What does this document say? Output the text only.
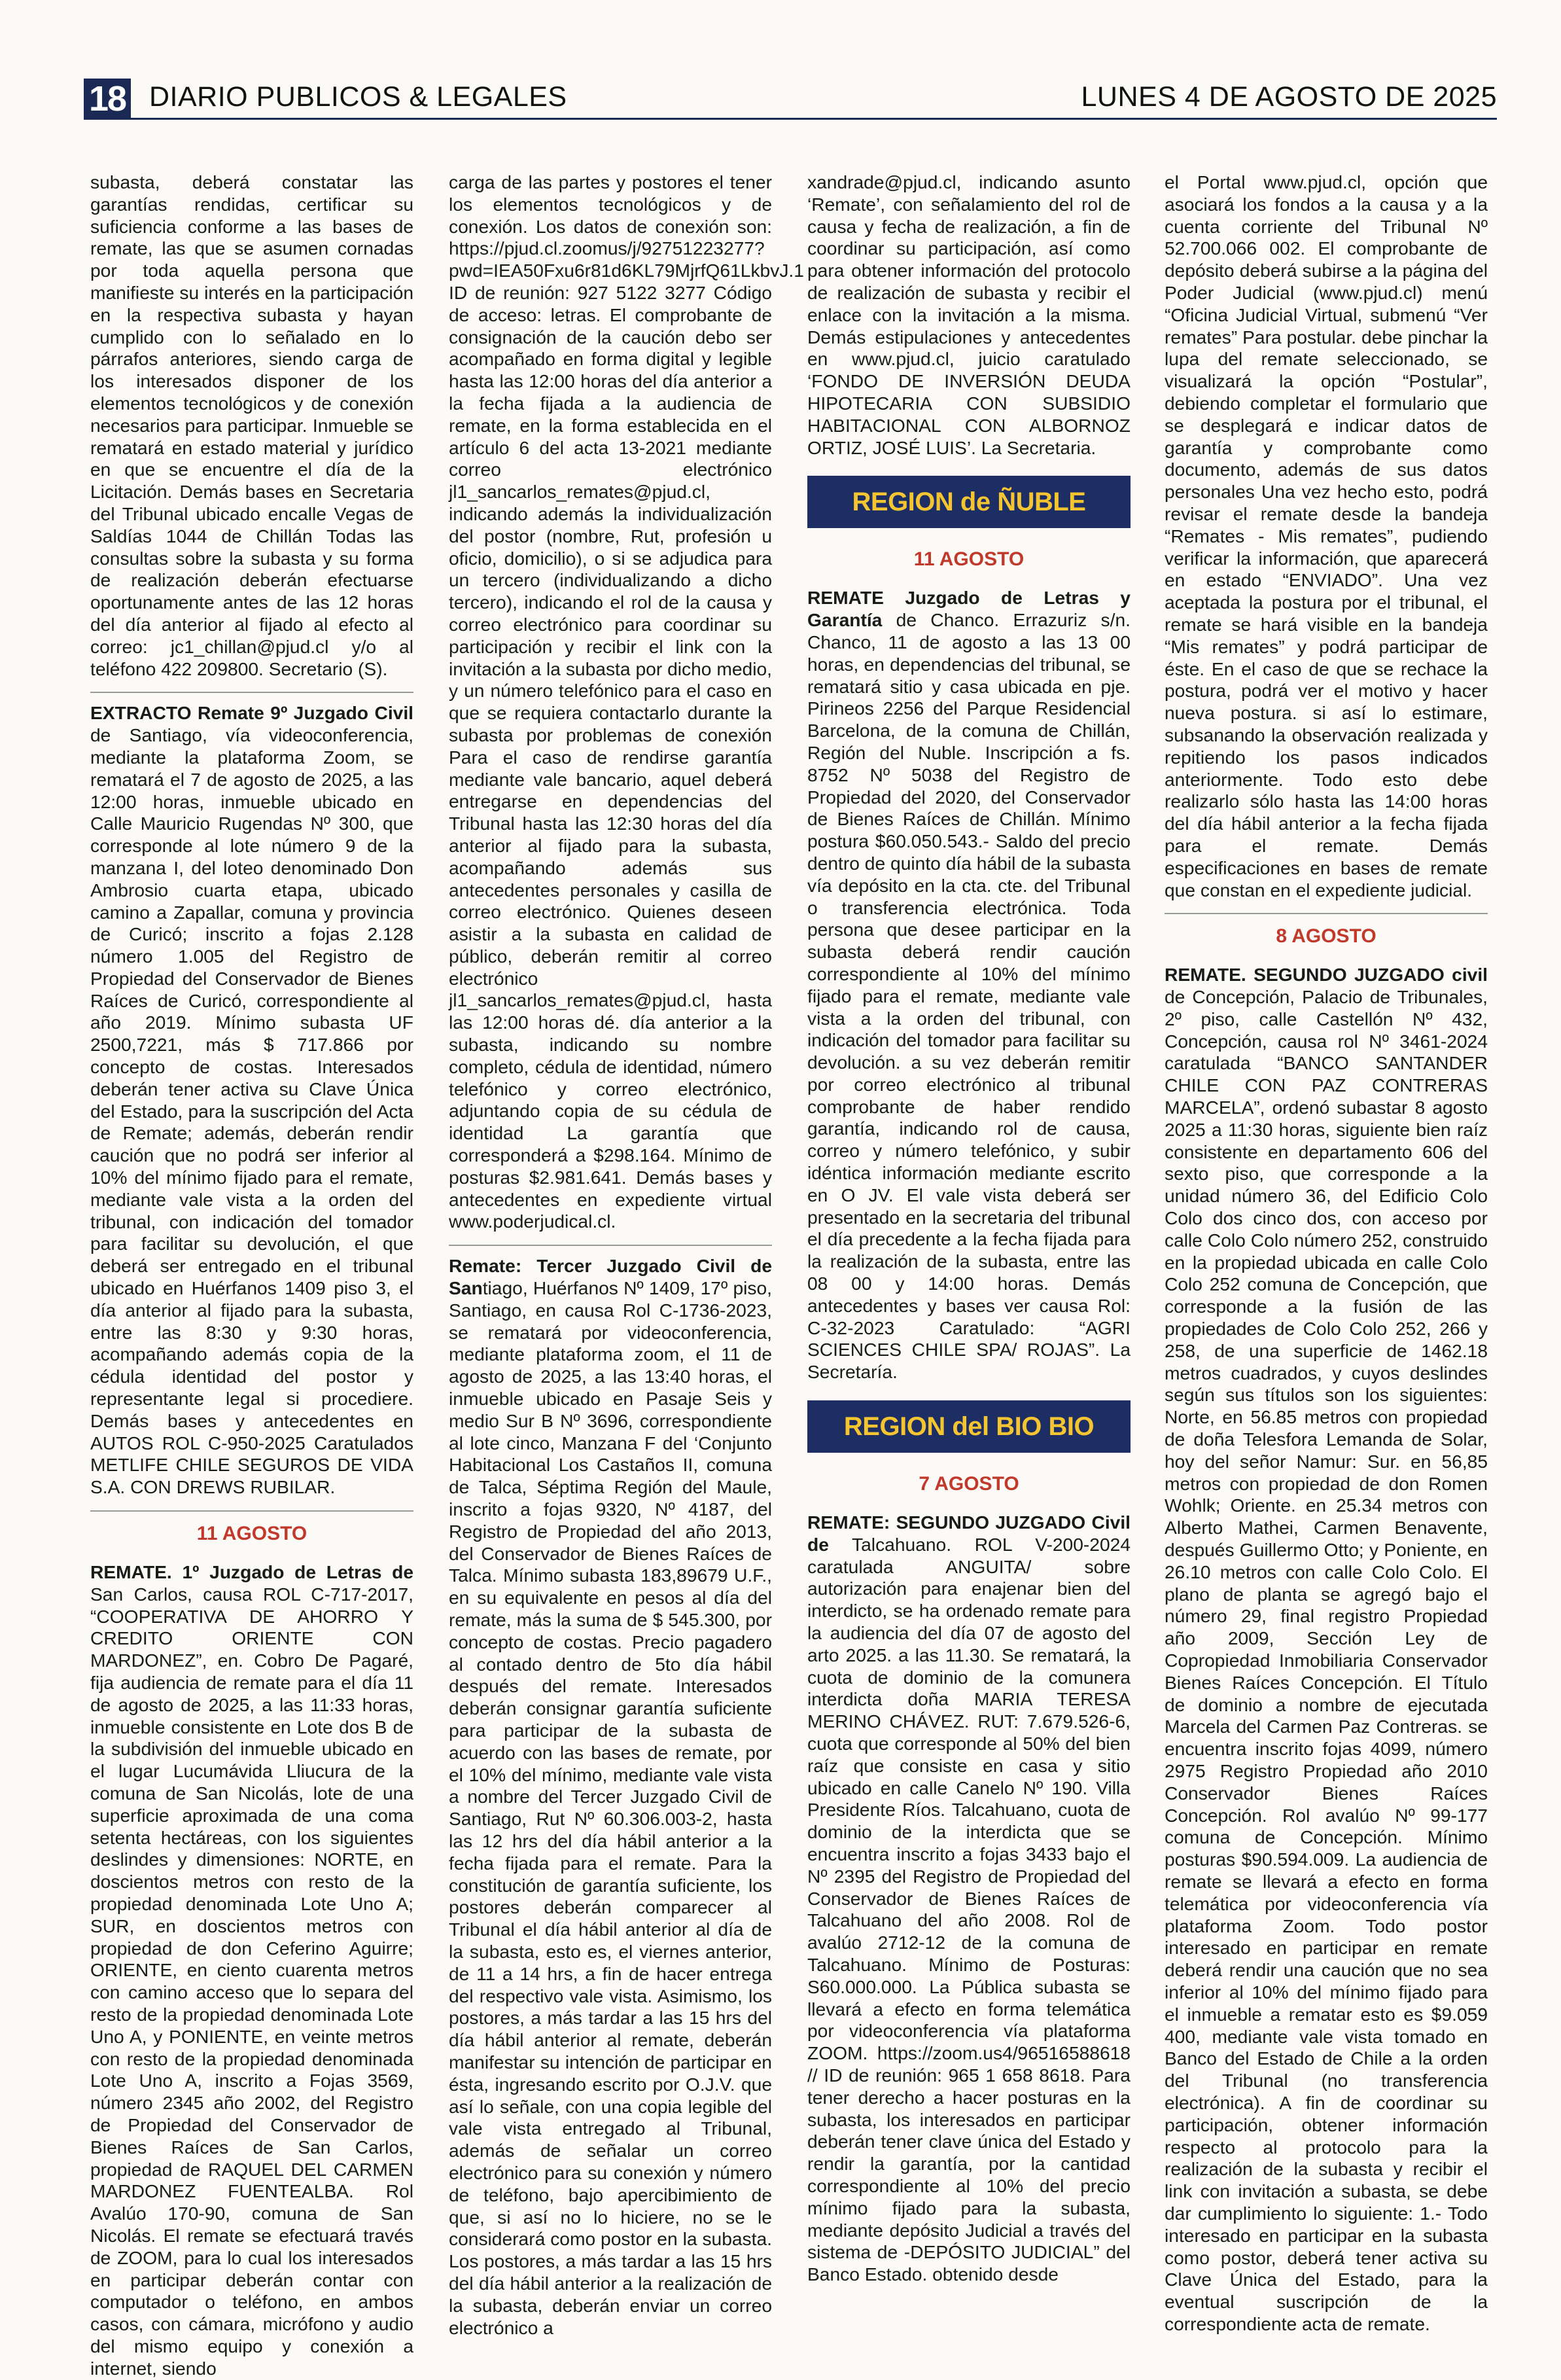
18 DIARIO PUBLICOS & LEGALES	LUNES 4 DE AGOSTO DE 2025

subasta, deberá constatar las garantías rendidas, certificar su suficiencia conforme a las bases de remate, las que se asumen cornadas por toda aquella persona que manifieste su interés en la participación en la respectiva subasta y hayan cumplido con lo señalado en lo párrafos anteriores, siendo carga de los interesados disponer de los elementos tecnológicos y de conexión necesarios para participar. Inmueble se rematará en estado material y jurídico en que se encuentre el día de la Licitación. Demás bases en Secretaria del Tribunal ubicado encalle Vegas de Saldías 1044 de Chillán Todas las consultas sobre la subasta y su forma de realización deberán efectuarse oportunamente antes de las 12 horas del día anterior al fijado al efecto al correo: jc1_chillan@pjud.cl y/o al teléfono 422 209800. Secretario (S).

EXTRACTO Remate 9º Juzgado Civil de Santiago, vía videoconferencia, mediante la plataforma Zoom, se rematará el 7 de agosto de 2025, a las 12:00 horas, inmueble ubicado en Calle Mauricio Rugendas Nº 300, que corresponde al lote número 9 de la manzana I, del loteo denominado Don Ambrosio cuarta etapa, ubicado camino a Zapallar, comuna y provincia de Curicó; inscrito a fojas 2.128 número 1.005 del Registro de Propiedad del Conservador de Bienes Raíces de Curicó, correspondiente al año 2019. Mínimo subasta UF 2500,7221, más $ 717.866 por concepto de costas. Interesados deberán tener activa su Clave Única del Estado, para la suscripción del Acta de Remate; además, deberán rendir caución que no podrá ser inferior al 10% del mínimo fijado para el remate, mediante vale vista a la orden del tribunal, con indicación del tomador para facilitar su devolución, el que deberá ser entregado en el tribunal ubicado en Huérfanos 1409 piso 3, el día anterior al fijado para la subasta, entre las 8:30 y 9:30 horas, acompañando además copia de la cédula identidad del postor y representante legal si procediere. Demás bases y antecedentes en AUTOS ROL C-950-2025 Caratulados METLIFE CHILE SEGUROS DE VIDA S.A. CON DREWS RUBILAR.

11 AGOSTO

REMATE. 1º Juzgado de Letras de San Carlos, causa ROL C-717-2017, “COOPERATIVA DE AHORRO Y CREDITO ORIENTE CON MARDONEZ”, en. Cobro De Pagaré, fija audiencia de remate para el día 11 de agosto de 2025, a las 11:33 horas, inmueble consistente en Lote dos B de la subdivisión del inmueble ubicado en el lugar Lucumávida Lliucura de la comuna de San Nicolás, lote de una superficie aproximada de una coma setenta hectáreas, con los siguientes deslindes y dimensiones: NORTE, en doscientos metros con resto de la propiedad denominada Lote Uno A; SUR, en doscientos metros con propiedad de don Ceferino Aguirre; ORIENTE, en ciento cuarenta metros con camino acceso que lo separa del resto de la propiedad denominada Lote Uno A, y PONIENTE, en veinte metros con resto de la propiedad denominada Lote Uno A, inscrito a Fojas 3569, número 2345 año 2002, del Registro de Propiedad del Conservador de Bienes Raíces de San Carlos, propiedad de RAQUEL DEL CARMEN MARDONEZ FUENTEALBA. Rol Avalúo 170-90, comuna de San Nicolás. El remate se efectuará través de ZOOM, para lo cual los interesados en participar deberán contar con computador o teléfono, en ambos casos, con cámara, micrófono y audio del mismo equipo y conexión a internet, siendo

carga de las partes y postores el tener los elementos tecnológicos y de conexión. Los datos de conexión son: https://pjud.cl.zoomus/j/92751223277?pwd=IEA50Fxu6r81d6KL79MjrfQ61LkbvJ.1 ID de reunión: 927 5122 3277 Código de acceso: letras. El comprobante de consignación de la caución debo ser acompañado en forma digital y legible hasta las 12:00 horas del día anterior a la fecha fijada a la audiencia de remate, en la forma establecida en el artículo 6 del acta 13-2021 mediante correo electrónico jl1_sancarlos_remates@pjud.cl, indicando además la individualización del postor (nombre, Rut, profesión u oficio, domicilio), o si se adjudica para un tercero (individualizando a dicho tercero), indicando el rol de la causa y correo electrónico para coordinar su participación y recibir el link con la invitación a la subasta por dicho medio, y un número telefónico para el caso en que se requiera contactarlo durante la subasta por problemas de conexión Para el caso de rendirse garantía mediante vale bancario, aquel deberá entregarse en dependencias del Tribunal hasta las 12:30 horas del día anterior al fijado para la subasta, acompañando además sus antecedentes personales y casilla de correo electrónico. Quienes deseen asistir a la subasta en calidad de público, deberán remitir al correo electrónico jl1_sancarlos_remates@pjud.cl, hasta las 12:00 horas dé. día anterior a la subasta, indicando su nombre completo, cédula de identidad, número telefónico y correo electrónico, adjuntando copia de su cédula de identidad La garantía que corresponderá a $298.164. Mínimo de posturas $2.981.641. Demás bases y antecedentes en expediente virtual www.poderjudical.cl.

Remate: Tercer Juzgado Civil de Santiago, Huérfanos Nº 1409, 17º piso, Santiago, en causa Rol C-1736-2023, se rematará por videoconferencia, mediante plataforma zoom, el 11 de agosto de 2025, a las 13:40 horas, el inmueble ubicado en Pasaje Seis y medio Sur B Nº 3696, correspondiente al lote cinco, Manzana F del ‘Conjunto Habitacional Los Castaños II, comuna de Talca, Séptima Región del Maule, inscrito a fojas 9320, Nº 4187, del Registro de Propiedad del año 2013, del Conservador de Bienes Raíces de Talca. Mínimo subasta 183,89679 U.F., en su equivalente en pesos al día del remate, más la suma de $ 545.300, por concepto de costas. Precio pagadero al contado dentro de 5to día hábil después del remate. Interesados deberán consignar garantía suficiente para participar de la subasta de acuerdo con las bases de remate, por el 10% del mínimo, mediante vale vista a nombre del Tercer Juzgado Civil de Santiago, Rut Nº 60.306.003-2, hasta las 12 hrs del día hábil anterior a la fecha fijada para el remate. Para la constitución de garantía suficiente, los postores deberán comparecer al Tribunal el día hábil anterior al día de la subasta, esto es, el viernes anterior, de 11 a 14 hrs, a fin de hacer entrega del respectivo vale vista. Asimismo, los postores, a más tardar a las 15 hrs del día hábil anterior al remate, deberán manifestar su intención de participar en ésta, ingresando escrito por O.J.V. que así lo señale, con una copia legible del vale vista entregado al Tribunal, además de señalar un correo electrónico para su conexión y número de teléfono, bajo apercibimiento de que, si así no lo hiciere, no se le considerará como postor en la subasta. Los postores, a más tardar a las 15 hrs del día hábil anterior a la realización de la subasta, deberán enviar un correo electrónico a

xandrade@pjud.cl, indicando asunto ‘Remate’, con señalamiento del rol de causa y fecha de realización, a fin de coordinar su participación, así como para obtener información del protocolo de realización de subasta y recibir el enlace con la invitación a la misma. Demás estipulaciones y antecedentes en www.pjud.cl, juicio caratulado ‘FONDO DE INVERSIÓN DEUDA HIPOTECARIA CON SUBSIDIO HABITACIONAL CON ALBORNOZ ORTIZ, JOSÉ LUIS’. La Secretaria.

REGION de ÑUBLE
11 AGOSTO

REMATE Juzgado de Letras y Garantía de Chanco. Errazuriz s/n. Chanco, 11 de agosto a las 13 00 horas, en dependencias del tribunal, se rematará sitio y casa ubicada en pje. Pirineos 2256 del Parque Residencial Barcelona, de la comuna de Chillán, Región del Nuble. Inscripción a fs. 8752 Nº 5038 del Registro de Propiedad del 2020, del Conservador de Bienes Raíces de Chillán. Mínimo postura $60.050.543.- Saldo del precio dentro de quinto día hábil de la subasta vía depósito en la cta. cte. del Tribunal o transferencia electrónica. Toda persona que desee participar en la subasta deberá rendir caución correspondiente al 10% del mínimo fijado para el remate, mediante vale vista a la orden del tribunal, con indicación del tomador para facilitar su devolución. a su vez deberán remitir por correo electrónico al tribunal comprobante de haber rendido garantía, indicando rol de causa, correo y número telefónico, y subir idéntica información mediante escrito en O JV. El vale vista deberá ser presentado en la secretaria del tribunal el día precedente a la fecha fijada para la realización de la subasta, entre las 08 00 y 14:00 horas. Demás antecedentes y bases ver causa Rol: C-32-2023 Caratulado: “AGRI SCIENCES CHILE SPA/ ROJAS”. La Secretaría.

REGION del BIO BIO
7 AGOSTO

REMATE: SEGUNDO JUZGADO Civil de Talcahuano. ROL V-200-2024 caratulada ANGUITA/ sobre autorización para enajenar bien del interdicto, se ha ordenado remate para la audiencia del día 07 de agosto del arto 2025. a las 11.30. Se rematará, la cuota de dominio de la comunera interdicta doña MARIA TERESA MERINO CHÁVEZ. RUT: 7.679.526-6, cuota que corresponde al 50% del bien raíz que consiste en casa y sitio ubicado en calle Canelo Nº 190. Villa Presidente Ríos. Talcahuano, cuota de dominio de la interdicta que se encuentra inscrito a fojas 3433 bajo el Nº 2395 del Registro de Propiedad del Conservador de Bienes Raíces de Talcahuano del año 2008. Rol de avalúo 2712-12 de la comuna de Talcahuano. Mínimo de Posturas: S60.000.000. La Pública subasta se llevará a efecto en forma telemática por videoconferencia vía plataforma ZOOM. https://zoom.us4/96516588618 // ID de reunión: 965 1 658 8618. Para tener derecho a hacer posturas en la subasta, los interesados en participar deberán tener clave única del Estado y rendir la garantía, por la cantidad correspondiente al 10% del precio mínimo fijado para la subasta, mediante depósito Judicial a través del sistema de -DEPÓSITO JUDICIAL” del Banco Estado. obtenido desde

el Portal www.pjud.cl, opción que asociará los fondos a la causa y a la cuenta corriente del Tribunal Nº 52.700.066 002. El comprobante de depósito deberá subirse a la página del Poder Judicial (www.pjud.cl) menú “Oficina Judicial Virtual, submenú “Ver remates” Para postular. debe pinchar la lupa del remate seleccionado, se visualizará la opción “Postular”, debiendo completar el formulario que se desplegará e indicar datos de garantía y comprobante como documento, además de sus datos personales Una vez hecho esto, podrá revisar el remate desde la bandeja “Remates - Mis remates”, pudiendo verificar la información, que aparecerá en estado “ENVIADO”. Una vez aceptada la postura por el tribunal, el remate se hará visible en la bandeja “Mis remates” y podrá participar de éste. En el caso de que se rechace la postura, podrá ver el motivo y hacer nueva postura. si así lo estimare, subsanando la observación realizada y repitiendo los pasos indicados anteriormente. Todo esto debe realizarlo sólo hasta las 14:00 horas del día hábil anterior a la fecha fijada para el remate. Demás especificaciones en bases de remate que constan en el expediente judicial.

8 AGOSTO

REMATE. SEGUNDO JUZGADO civil de Concepción, Palacio de Tribunales, 2º piso, calle Castellón Nº 432, Concepción, causa rol Nº 3461-2024 caratulada “BANCO SANTANDER CHILE CON PAZ CONTRERAS MARCELA”, ordenó subastar 8 agosto 2025 a 11:30 horas, siguiente bien raíz consistente en departamento 606 del sexto piso, que corresponde a la unidad número 36, del Edificio Colo Colo dos cinco dos, con acceso por calle Colo Colo número 252, construido en la propiedad ubicada en calle Colo Colo 252 comuna de Concepción, que corresponde a la fusión de las propiedades de Colo Colo 252, 266 y 258, de una superficie de 1462.18 metros cuadrados, y cuyos deslindes según sus títulos son los siguientes: Norte, en 56.85 metros con propiedad de doña Telesfora Lemanda de Solar, hoy del señor Namur: Sur. en 56,85 metros con propiedad de don Romen Wohlk; Oriente. en 25.34 metros con Alberto Mathei, Carmen Benavente, después Guillermo Otto; y Poniente, en 26.10 metros con calle Colo Colo. El plano de planta se agregó bajo el número 29, final registro Propiedad año 2009, Sección Ley de Copropiedad Inmobiliaria Conservador Bienes Raíces Concepción. El Título de dominio a nombre de ejecutada Marcela del Carmen Paz Contreras. se encuentra inscrito fojas 4099, número 2975 Registro Propiedad año 2010 Conservador Bienes Raíces Concepción. Rol avalúo Nº 99-177 comuna de Concepción. Mínimo posturas $90.594.009. La audiencia de remate se llevará a efecto en forma telemática por videoconferencia vía plataforma Zoom. Todo postor interesado en participar en remate deberá rendir una caución que no sea inferior al 10% del mínimo fijado para el inmueble a rematar esto es $9.059 400, mediante vale vista tomado en Banco del Estado de Chile a la orden del Tribunal (no transferencia electrónica). A fin de coordinar su participación, obtener información respecto al protocolo para la realización de la subasta y recibir el link con invitación a subasta, se debe dar cumplimiento lo siguiente: 1.- Todo interesado en participar en la subasta como postor, deberá tener activa su Clave Única del Estado, para la eventual suscripción de la correspondiente acta de remate.
